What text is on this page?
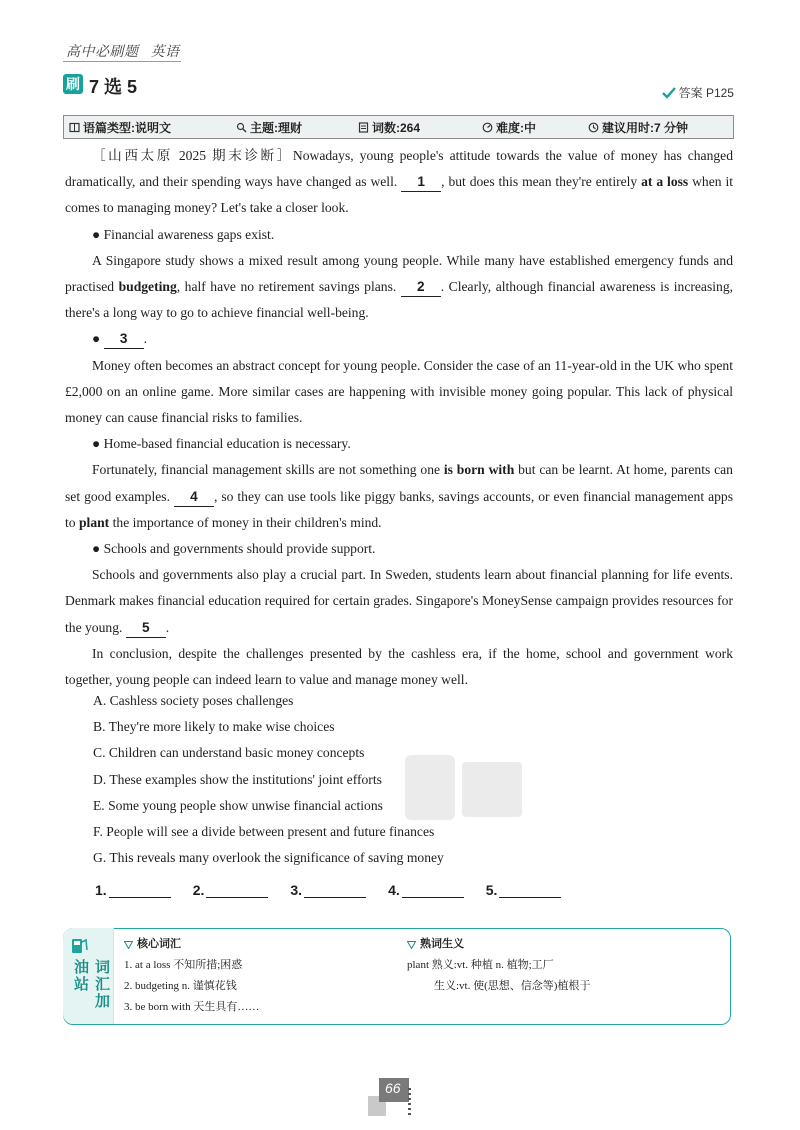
高中必刷题 英语
刷 7 选 5	答案 P125
语篇类型:说明文	主题:理财	词数:264	难度:中	建议用时:7 分钟

［山西太原 2025 期末诊断］Nowadays, young people's attitude towards the value of money has changed dramatically, and their spending ways have changed as well. 1 , but does this mean they're entirely at a loss when it comes to managing money? Let's take a closer look.

● Financial awareness gaps exist.

A Singapore study shows a mixed result among young people. While many have established emergency funds and practised budgeting, half have no retirement savings plans. 2 . Clearly, although financial awareness is increasing, there's a long way to go to achieve financial well-being.

● 3 .

Money often becomes an abstract concept for young people. Consider the case of an 11-year-old in the UK who spent £2,000 on an online game. More similar cases are happening with invisible money going popular. This lack of physical money can cause financial risks to families.

● Home-based financial education is necessary.

Fortunately, financial management skills are not something one is born with but can be learnt. At home, parents can set good examples. 4 , so they can use tools like piggy banks, savings accounts, or even financial management apps to plant the importance of money in their children's mind.

● Schools and governments should provide support.

Schools and governments also play a crucial part. In Sweden, students learn about financial planning for life events. Denmark makes financial education required for certain grades. Singapore's MoneySense campaign provides resources for the young. 5 .

In conclusion, despite the challenges presented by the cashless era, if the home, school and government work together, young people can indeed learn to value and manage money well.

A. Cashless society poses challenges
B. They're more likely to make wise choices
C. Children can understand basic money concepts
D. These examples show the institutions' joint efforts
E. Some young people show unwise financial actions
F. People will see a divide between present and future finances
G. This reveals many overlook the significance of saving money
1.	2.	3.	4.	5.
词汇加油站
核心词汇
1. at a loss 不知所措;困惑
2. budgeting n. 谨慎花钱
3. be born with 天生具有……
熟词生义
plant 熟义:vt. 种植 n. 植物;工厂
生义:vt. 使(思想、信念等)植根于
66
